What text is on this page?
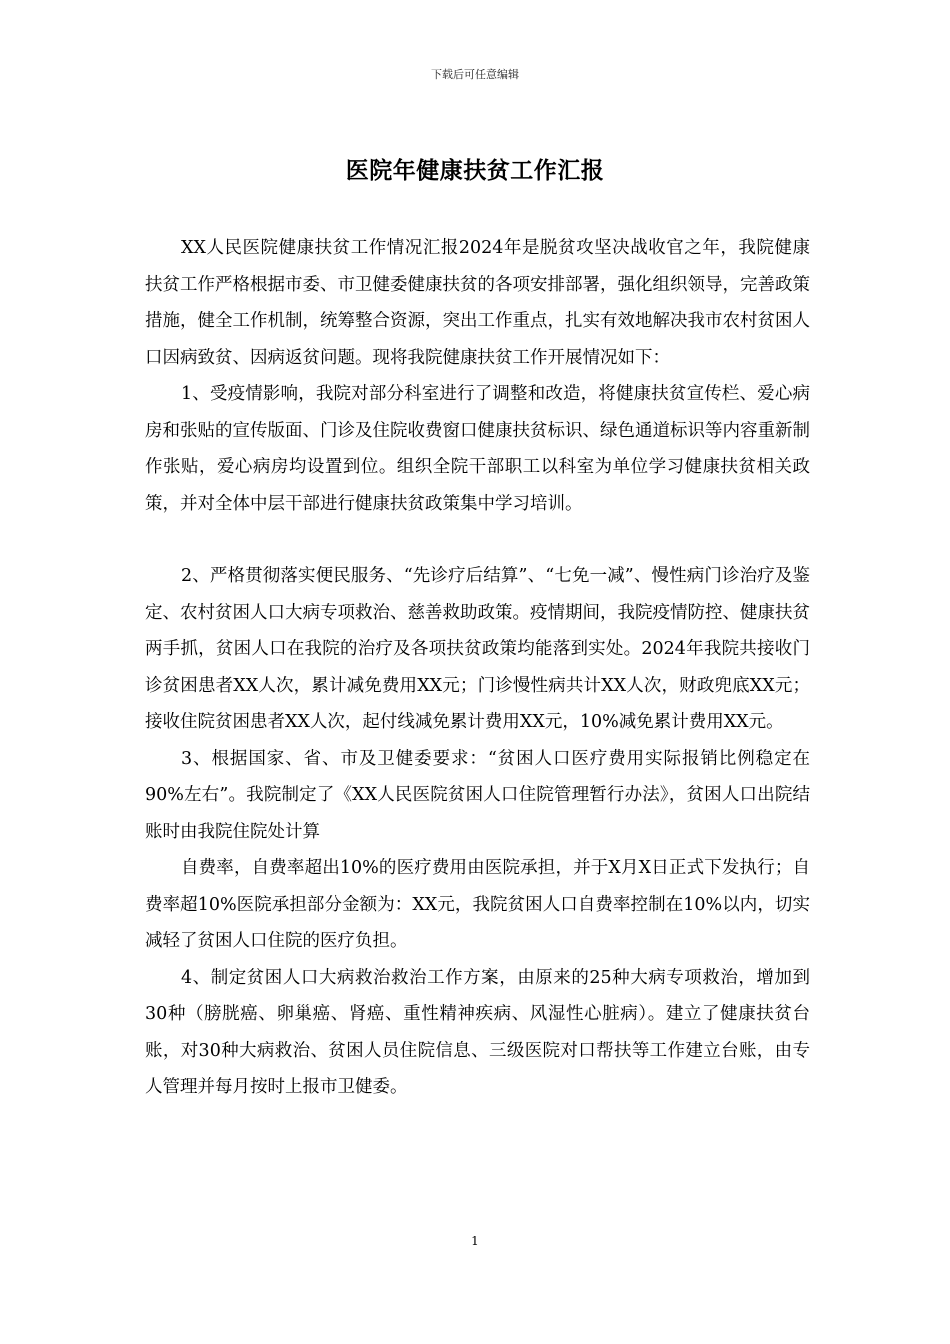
下载后可任意编辑
医院年健康扶贫工作汇报

XX人民医院健康扶贫工作情况汇报2024年是脱贫攻坚决战收官之年，我院健康扶贫工作严格根据市委、市卫健委健康扶贫的各项安排部署，强化组织领导，完善政策措施，健全工作机制，统筹整合资源，突出工作重点，扎实有效地解决我市农村贫困人口因病致贫、因病返贫问题。现将我院健康扶贫工作开展情况如下：

1、受疫情影响，我院对部分科室进行了调整和改造，将健康扶贫宣传栏、爱心病房和张贴的宣传版面、门诊及住院收费窗口健康扶贫标识、绿色通道标识等内容重新制作张贴，爱心病房均设置到位。组织全院干部职工以科室为单位学习健康扶贫相关政策，并对全体中层干部进行健康扶贫政策集中学习培训。

2、严格贯彻落实便民服务、“先诊疗后结算”、“七免一减”、慢性病门诊治疗及鉴定、农村贫困人口大病专项救治、慈善救助政策。疫情期间，我院疫情防控、健康扶贫两手抓，贫困人口在我院的治疗及各项扶贫政策均能落到实处。2024年我院共接收门诊贫困患者XX人次，累计减免费用XX元；门诊慢性病共计XX人次，财政兜底XX元；接收住院贫困患者XX人次，起付线减免累计费用XX元，10%减免累计费用XX元。

3、根据国家、省、市及卫健委要求：“贫困人口医疗费用实际报销比例稳定在90%左右”。我院制定了《XX人民医院贫困人口住院管理暂行办法》，贫困人口出院结账时由我院住院处计算

自费率，自费率超出10%的医疗费用由医院承担，并于X月X日正式下发执行；自费率超10%医院承担部分金额为：XX元，我院贫困人口自费率控制在10%以内，切实减轻了贫困人口住院的医疗负担。

4、制定贫困人口大病救治救治工作方案，由原来的25种大病专项救治，增加到30种（膀胱癌、卵巢癌、肾癌、重性精神疾病、风湿性心脏病）。建立了健康扶贫台账，对30种大病救治、贫困人员住院信息、三级医院对口帮扶等工作建立台账，由专人管理并每月按时上报市卫健委。

1
